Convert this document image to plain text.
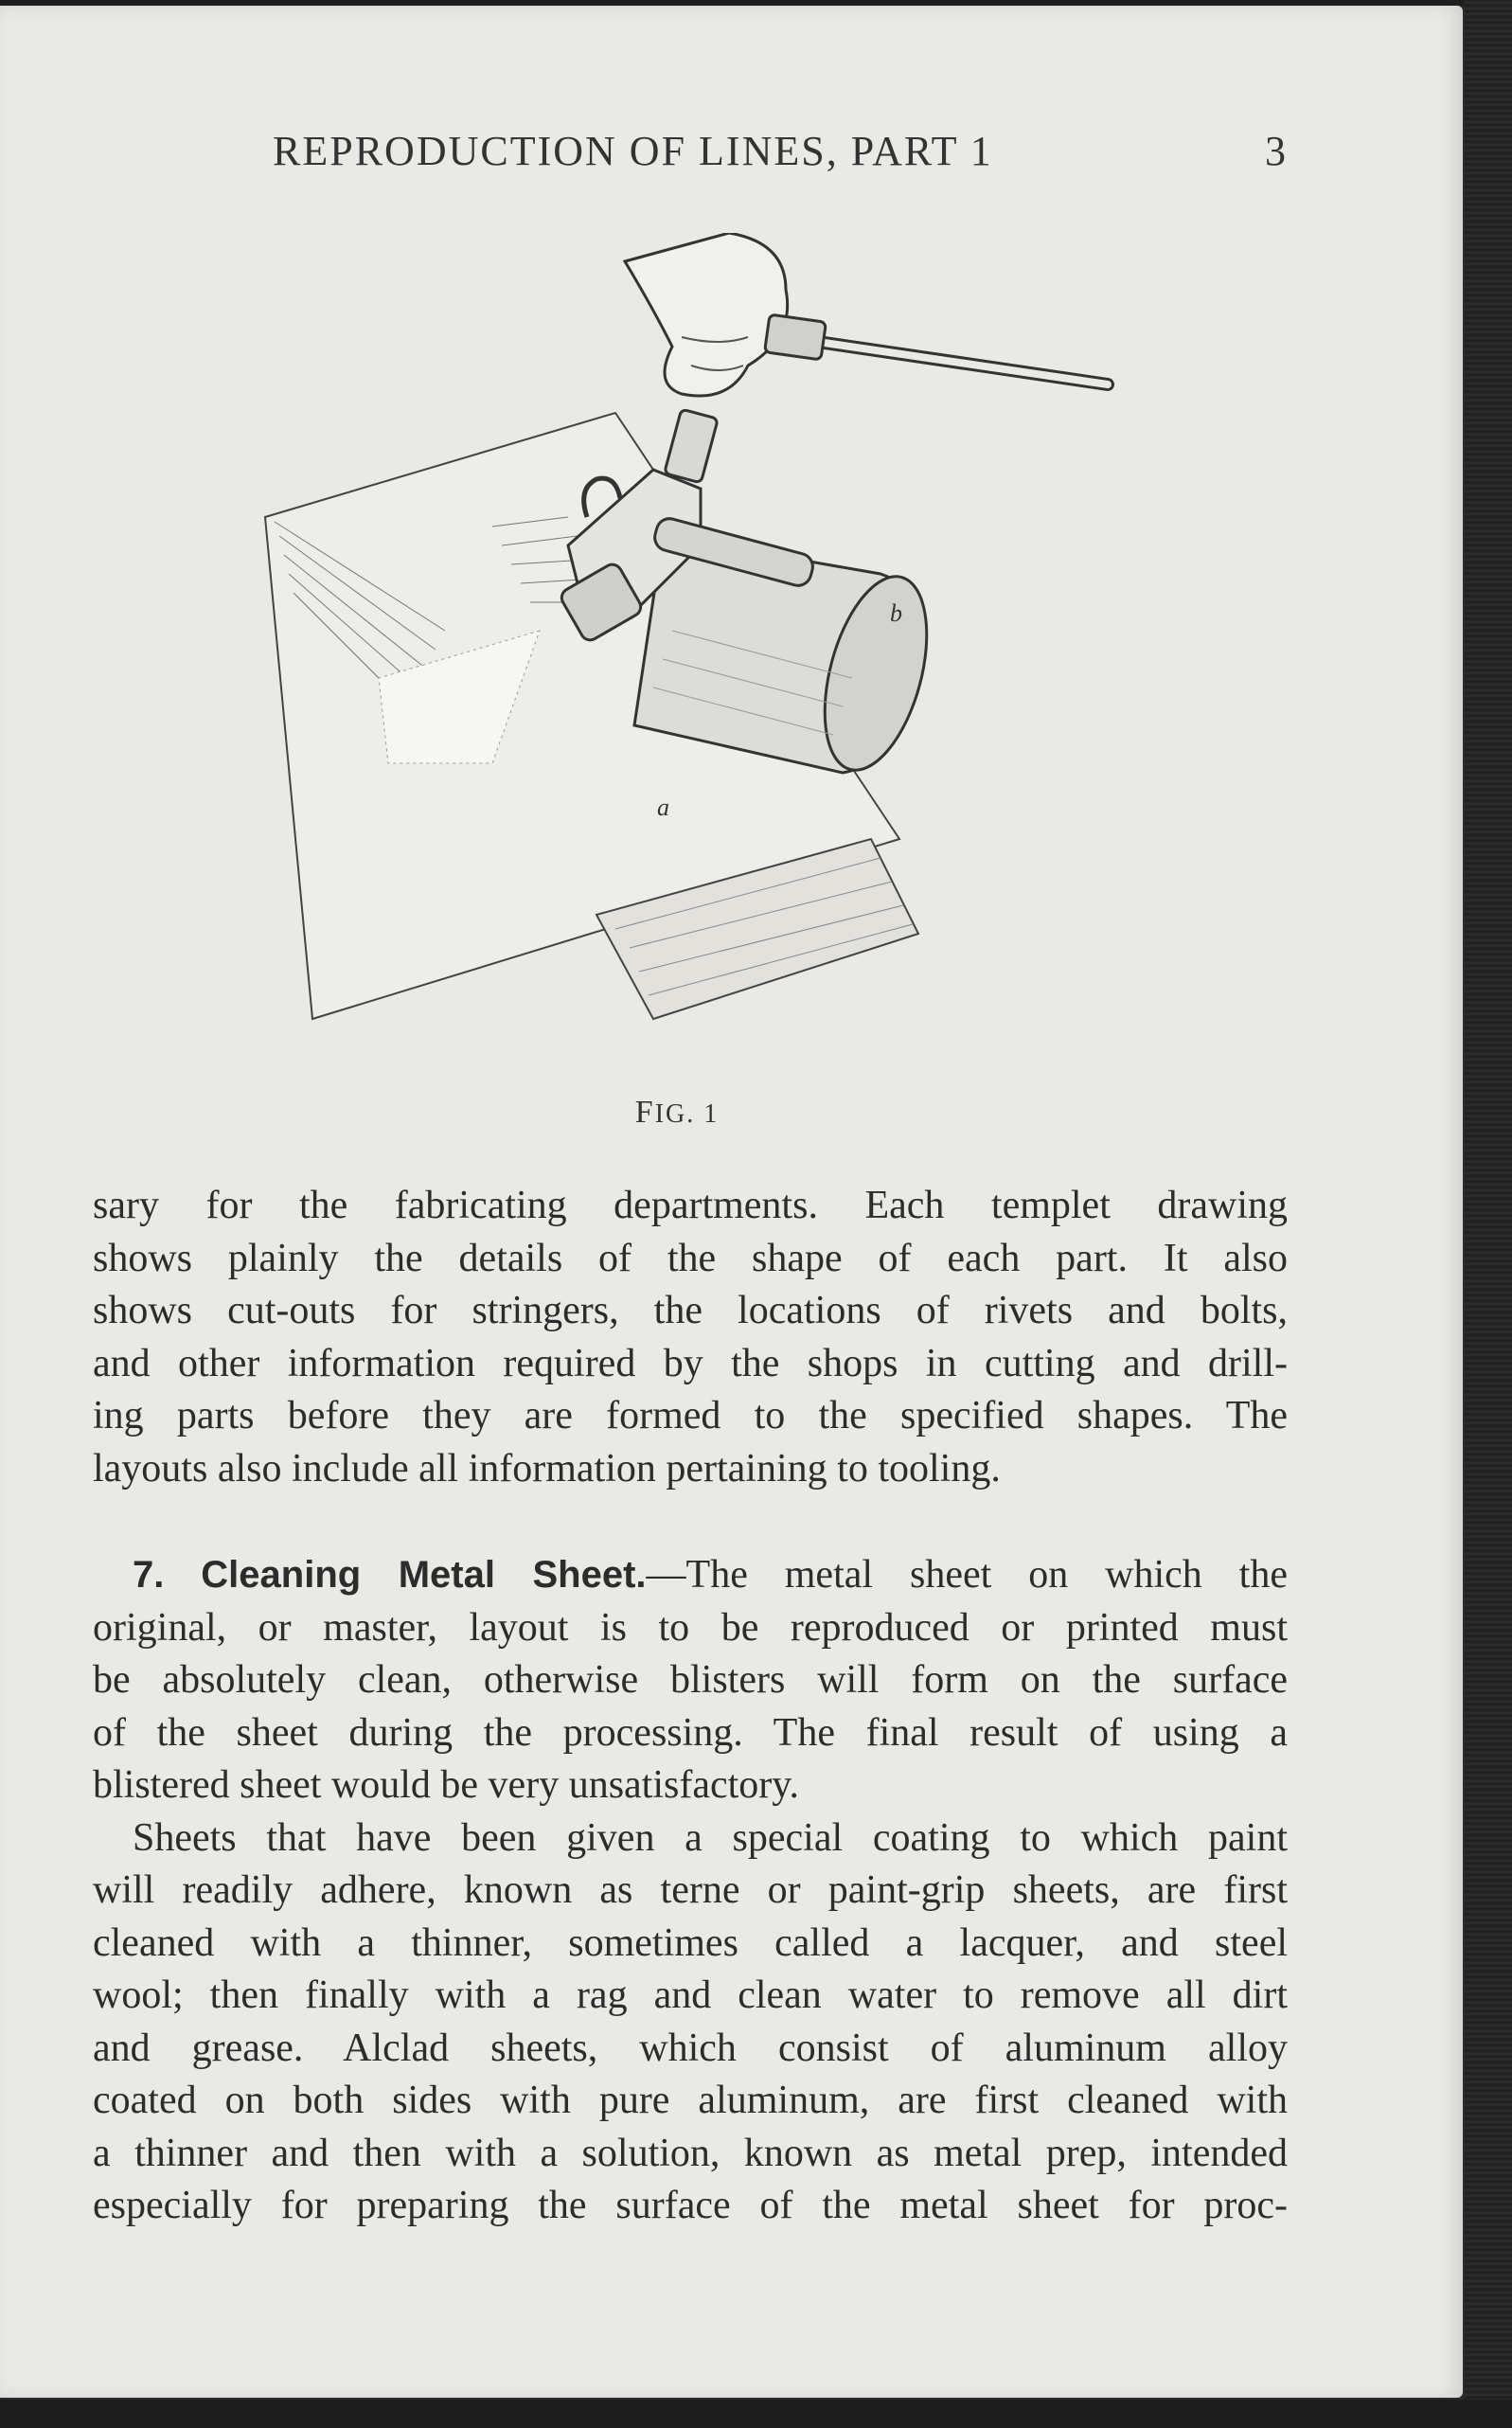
REPRODUCTION OF LINES, PART 1	3
b
a
FIG. 1
sary for the fabricating departments. Each templet drawing
shows plainly the details of the shape of each part. It also
shows cut-outs for stringers, the locations of rivets and bolts,
and other information required by the shops in cutting and drill-
ing parts before they are formed to the specified shapes. The
layouts also include all information pertaining to tooling.
7. Cleaning Metal Sheet.—The metal sheet on which the
original, or master, layout is to be reproduced or printed must
be absolutely clean, otherwise blisters will form on the surface
of the sheet during the processing. The final result of using a
blistered sheet would be very unsatisfactory.
Sheets that have been given a special coating to which paint
will readily adhere, known as terne or paint-grip sheets, are first
cleaned with a thinner, sometimes called a lacquer, and steel
wool; then finally with a rag and clean water to remove all dirt
and grease. Alclad sheets, which consist of aluminum alloy
coated on both sides with pure aluminum, are first cleaned with
a thinner and then with a solution, known as metal prep, intended
especially for preparing the surface of the metal sheet for proc-
